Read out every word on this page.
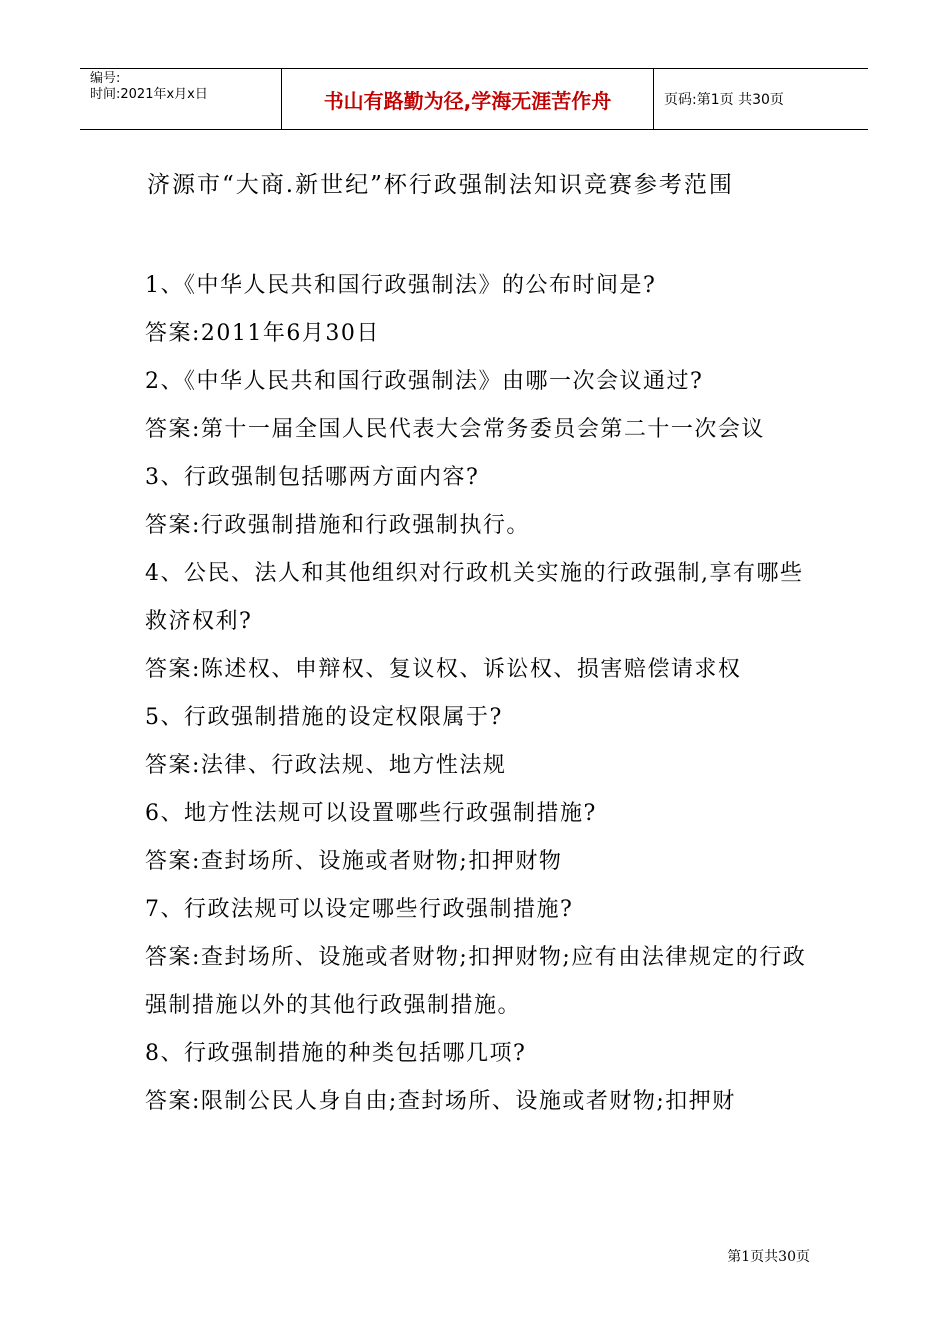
编号:
时间:2021年x月x日	书山有路勤为径,学海无涯苦作舟	页码:第1页 共30页
济源市“大商.新世纪”杯行政强制法知识竞赛参考范围

1、《中华人民共和国行政强制法》的公布时间是?

答案:2011年6月30日

2、《中华人民共和国行政强制法》由哪一次会议通过?

答案:第十一届全国人民代表大会常务委员会第二十一次会议

3、行政强制包括哪两方面内容?

答案:行政强制措施和行政强制执行。

4、公民、法人和其他组织对行政机关实施的行政强制,享有哪些救济权利?

答案:陈述权、申辩权、复议权、诉讼权、损害赔偿请求权

5、行政强制措施的设定权限属于?

答案:法律、行政法规、地方性法规

6、地方性法规可以设置哪些行政强制措施?

答案:查封场所、设施或者财物;扣押财物

7、行政法规可以设定哪些行政强制措施?

答案:查封场所、设施或者财物;扣押财物;应有由法律规定的行政强制措施以外的其他行政强制措施。

8、行政强制措施的种类包括哪几项?

答案:限制公民人身自由;查封场所、设施或者财物;扣押财

第1页共30页
